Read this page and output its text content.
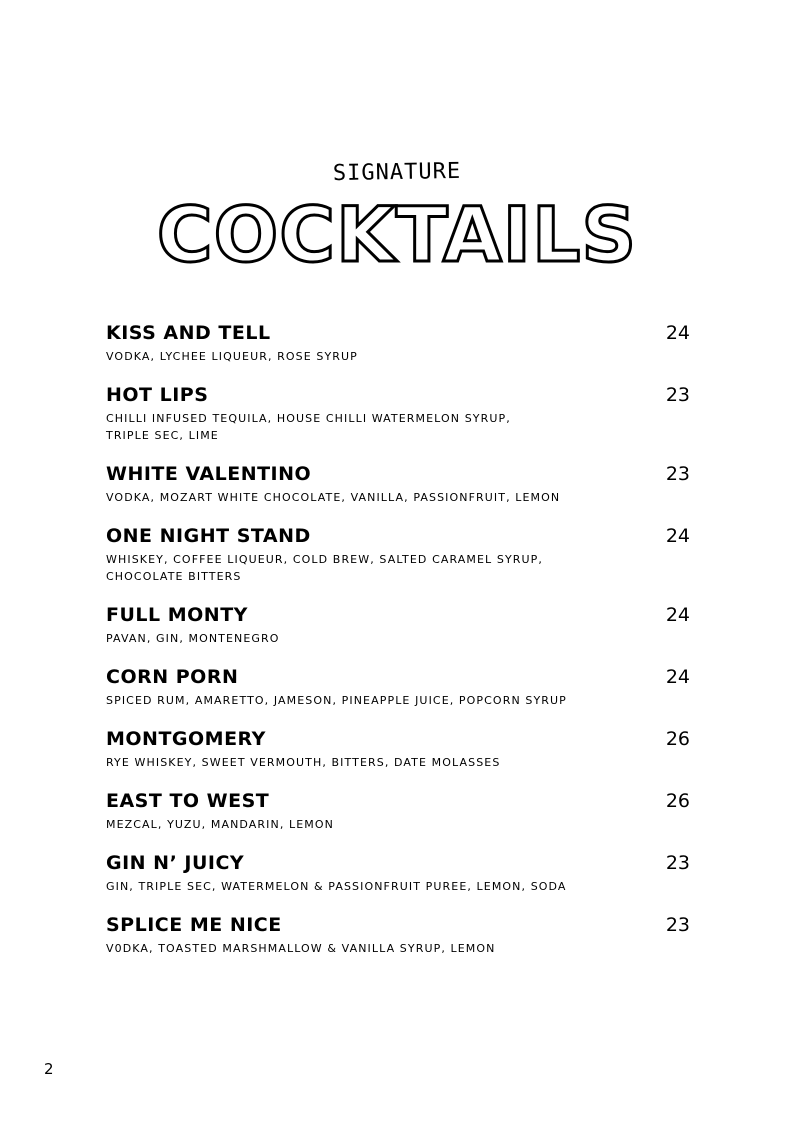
SIGNATURE
COCKTAILS
KISS AND TELL	24
VODKA, LYCHEE LIQUEUR, ROSE SYRUP
HOT LIPS	23
CHILLI INFUSED TEQUILA, HOUSE CHILLI WATERMELON SYRUP, TRIPLE SEC, LIME
WHITE VALENTINO	23
VODKA, MOZART WHITE CHOCOLATE, VANILLA, PASSIONFRUIT, LEMON
ONE NIGHT STAND	24
WHISKEY, COFFEE LIQUEUR, COLD BREW, SALTED CARAMEL SYRUP, CHOCOLATE BITTERS
FULL MONTY	24
PAVAN, GIN, MONTENEGRO
CORN PORN	24
SPICED RUM, AMARETTO, JAMESON, PINEAPPLE JUICE, POPCORN SYRUP
MONTGOMERY	26
RYE WHISKEY, SWEET VERMOUTH, BITTERS, DATE MOLASSES
EAST TO WEST	26
MEZCAL, YUZU, MANDARIN, LEMON
GIN N’ JUICY	23
GIN, TRIPLE SEC, WATERMELON & PASSIONFRUIT PUREE, LEMON, SODA
SPLICE ME NICE	23
V0DKA, TOASTED MARSHMALLOW & VANILLA SYRUP, LEMON
2
